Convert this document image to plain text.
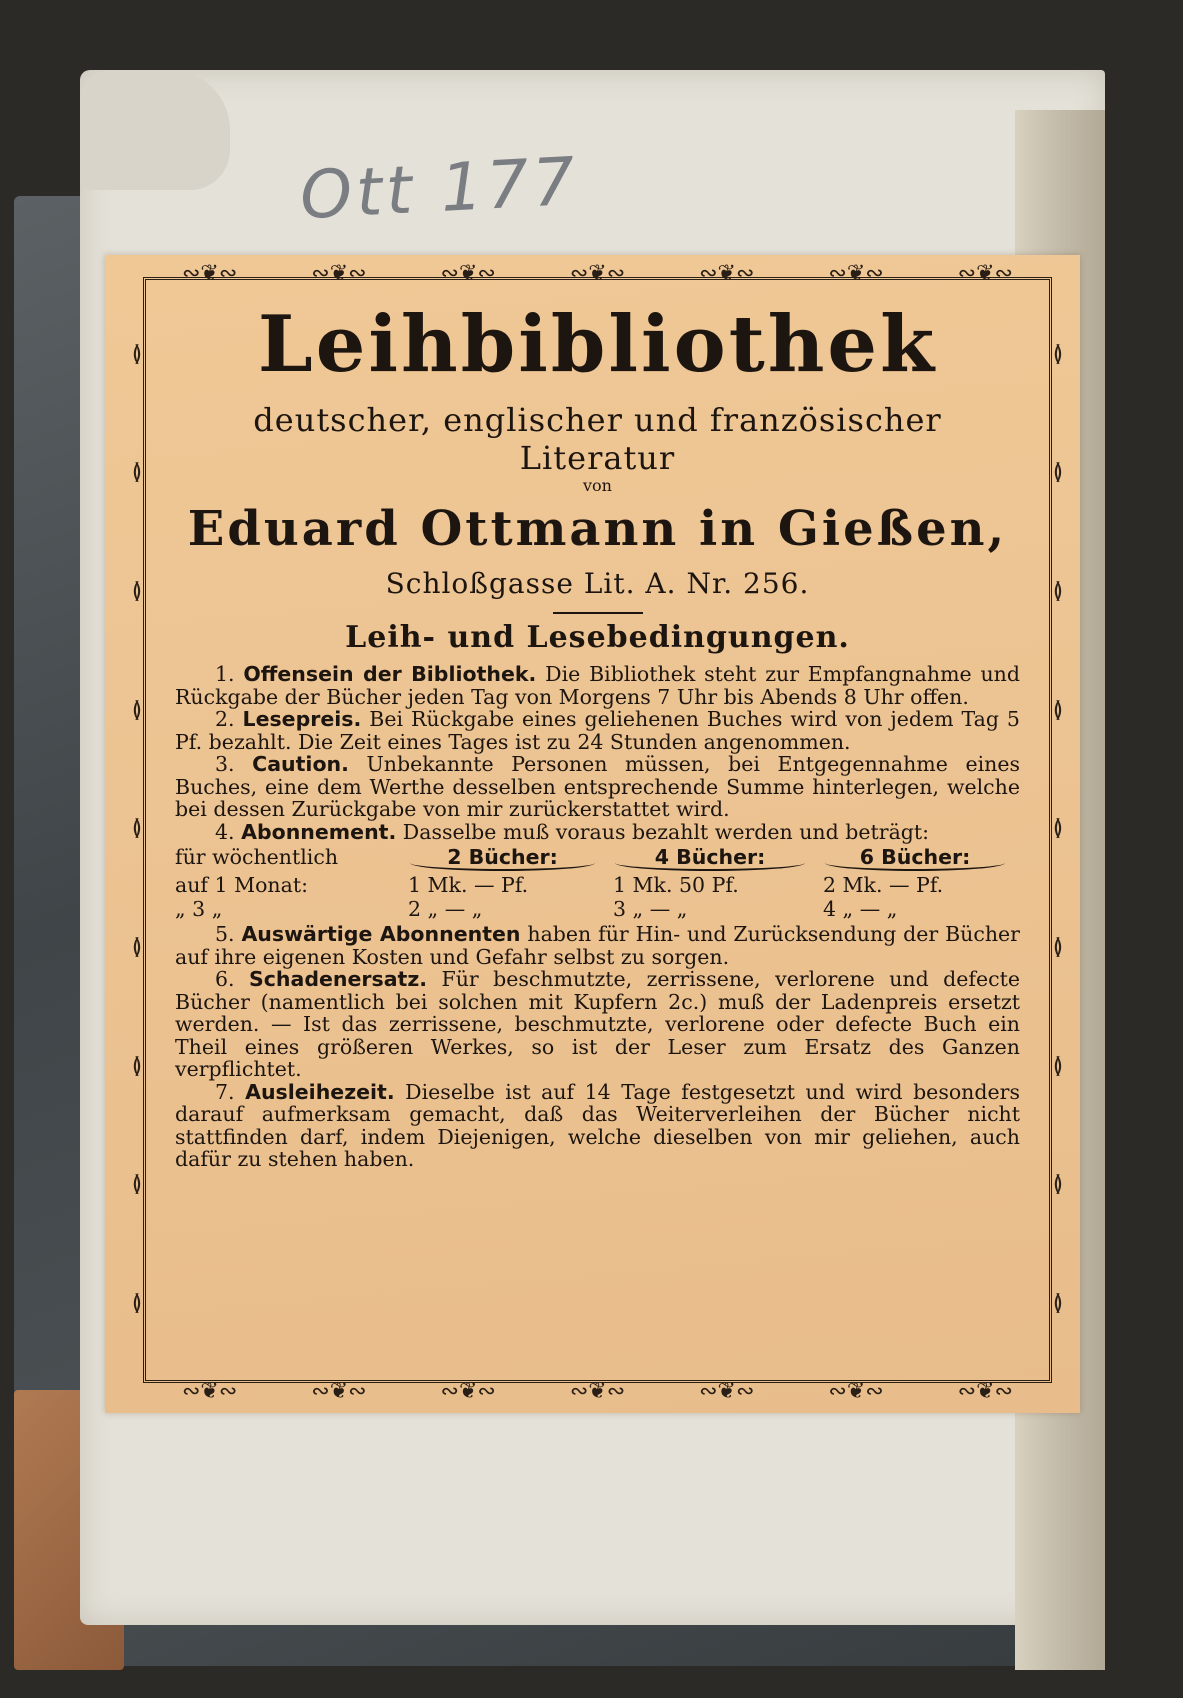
Ott 177
∾❦∾	∾❦∾	∾❦∾	∾❦∾	∾❦∾	∾❦∾	∾❦∾
∾❦∾	∾❦∾	∾❦∾	∾❦∾	∾❦∾	∾❦∾	∾❦∾
≬
≬
≬
≬
≬
≬
≬
≬
≬
≬
≬
≬
≬
≬
≬
≬
≬
≬
Leihbibliothek
deutscher, englischer und französischer Literatur
von
Eduard Ottmann in Gießen,
Schloßgasse Lit. A. Nr. 256.
Leih- und Lesebedingungen.

1. Offensein der Bibliothek. Die Bibliothek steht zur Empfangnahme und Rückgabe der Bücher jeden Tag von Morgens 7 Uhr bis Abends 8 Uhr offen.

2. Lesepreis. Bei Rückgabe eines geliehenen Buches wird von jedem Tag 5 Pf. bezahlt. Die Zeit eines Tages ist zu 24 Stunden angenommen.

3. Caution. Unbekannte Personen müssen, bei Entgegennahme eines Buches, eine dem Werthe desselben entsprechende Summe hinterlegen, welche bei dessen Zurückgabe von mir zurückerstattet wird.

4. Abonnement. Dasselbe muß voraus bezahlt werden und beträgt:

für wöchentlich	2 Bücher:	4 Bücher:	6 Bücher:
auf 1 Monat:	1 Mk. — Pf.	1 Mk. 50 Pf.	2 Mk. — Pf.
„ 3 „	2 „ — „	3 „ — „	4 „ — „

5. Auswärtige Abonnenten haben für Hin- und Zurücksendung der Bücher auf ihre eigenen Kosten und Gefahr selbst zu sorgen.

6. Schadenersatz. Für beschmutzte, zerrissene, verlorene und defecte Bücher (namentlich bei solchen mit Kupfern 2c.) muß der Ladenpreis ersetzt werden. — Ist das zerrissene, beschmutzte, verlorene oder defecte Buch ein Theil eines größeren Werkes, so ist der Leser zum Ersatz des Ganzen verpflichtet.

7. Ausleihezeit. Dieselbe ist auf 14 Tage festgesetzt und wird besonders darauf aufmerksam gemacht, daß das Weiterverleihen der Bücher nicht stattfinden darf, indem Diejenigen, welche dieselben von mir geliehen, auch dafür zu stehen haben.
